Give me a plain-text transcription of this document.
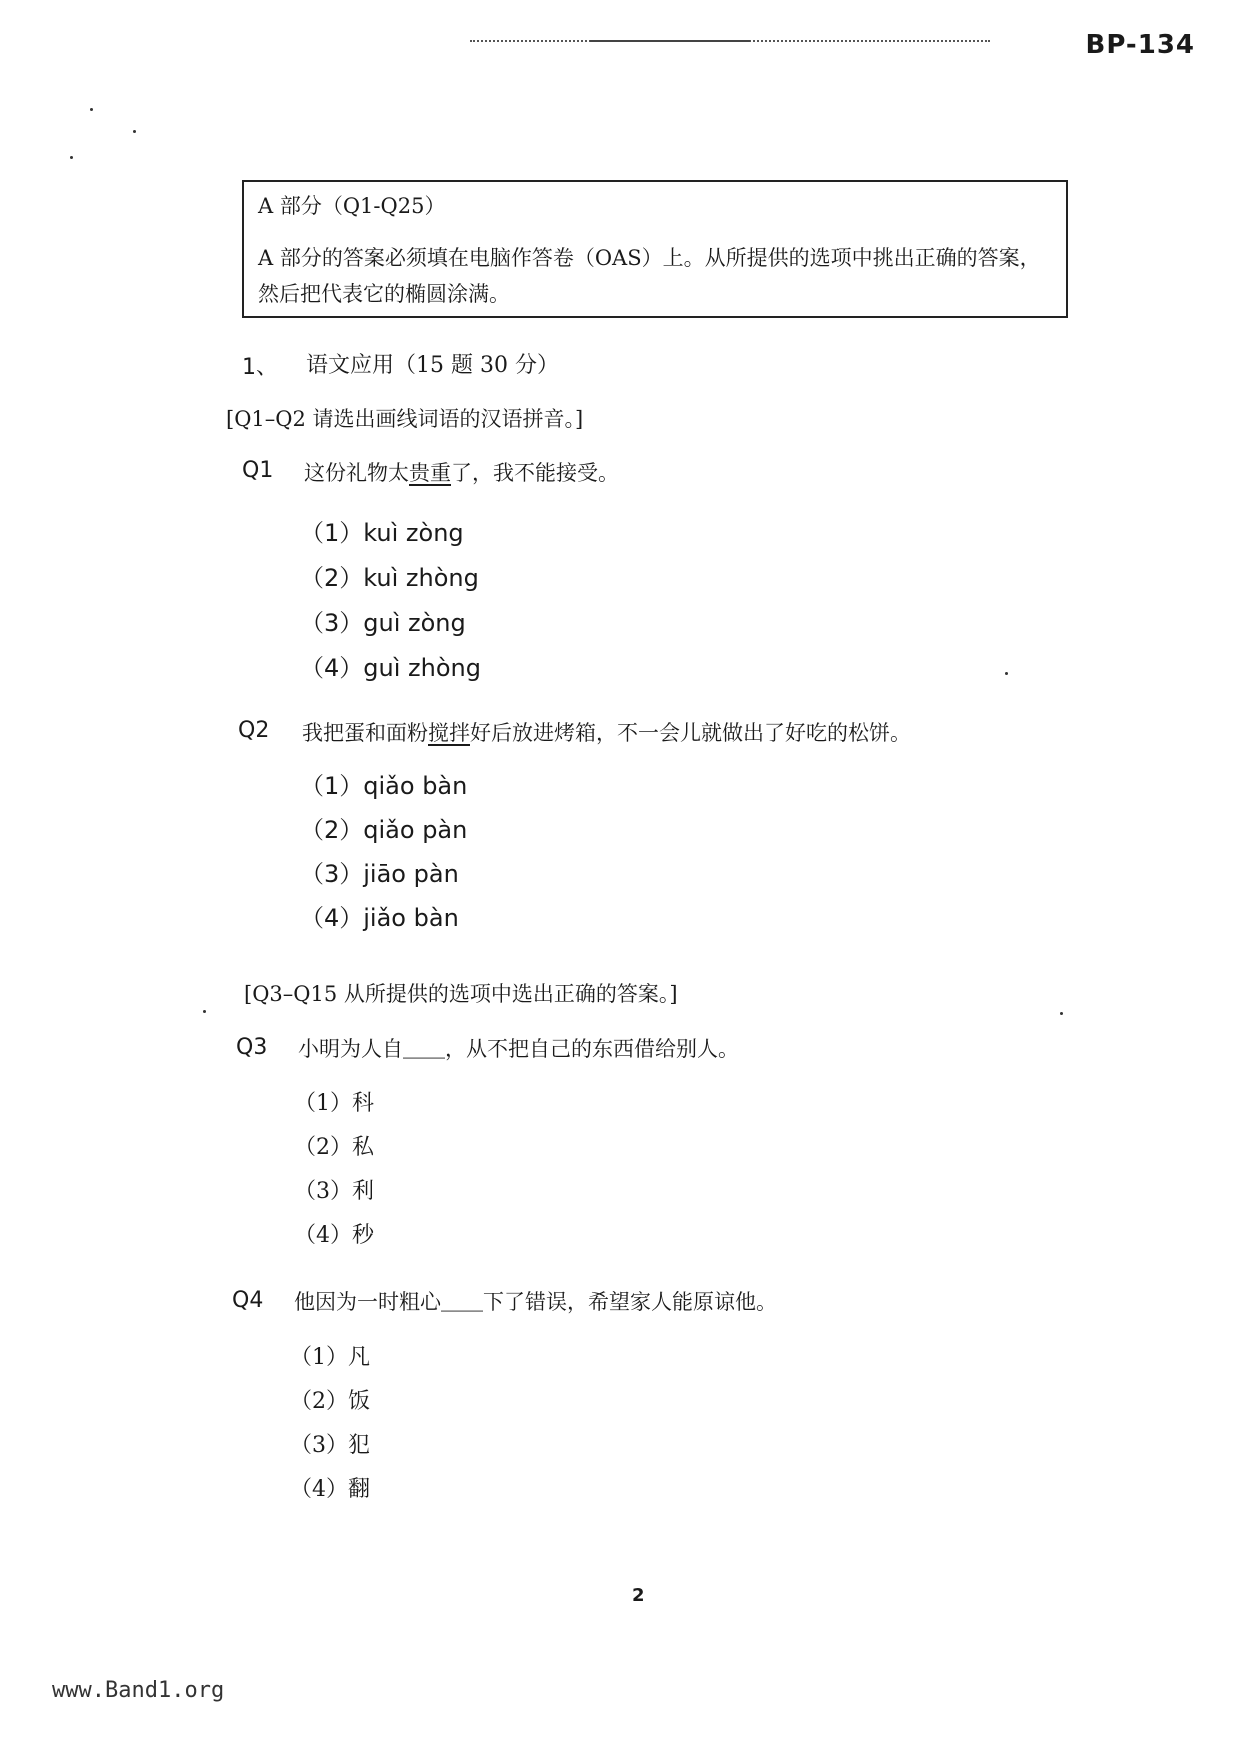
BP-134
A 部分（Q1-Q25）
A 部分的答案必须填在电脑作答卷（OAS）上。从所提供的选项中挑出正确的答案，然后把代表它的椭圆涂满。
1、 语文应用（15 题 30 分）
[Q1–Q2 请选出画线词语的汉语拼音。]
Q1 这份礼物太贵重了，我不能接受。
（1）kuì zòng
（2）kuì zhòng
（3）guì zòng
（4）guì zhòng
Q2 我把蛋和面粉搅拌好后放进烤箱，不一会儿就做出了好吃的松饼。
（1）qiǎo bàn
（2）qiǎo pàn
（3）jiāo pàn
（4）jiǎo bàn
[Q3–Q15 从所提供的选项中选出正确的答案。]
Q3 小明为人自＿＿，从不把自己的东西借给别人。
（1）科
（2）私
（3）利
（4）秒
Q4 他因为一时粗心＿＿下了错误，希望家人能原谅他。
（1）凡
（2）饭
（3）犯
（4）翻
2
www.Band1.org
